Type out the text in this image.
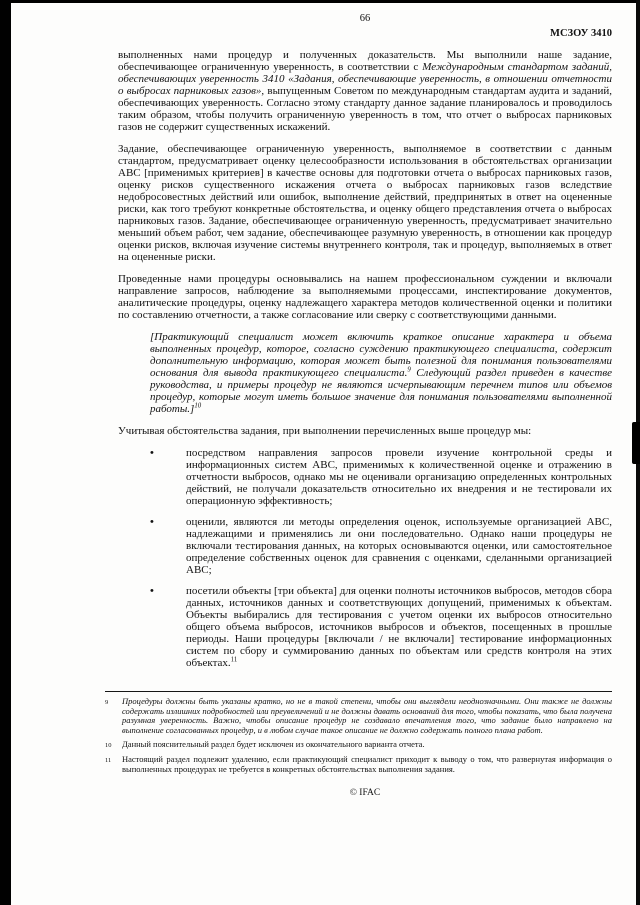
66
МСЗОУ 3410

выполненных нами процедур и полученных доказательств. Мы выполнили наше задание, обеспечивающее ограниченную уверенность, в соответствии с Международным стандартом заданий, обеспечивающих уверенность 3410 «Задания, обеспечивающие уверенность, в отношении отчетности о выбросах парниковых газов», выпущенным Советом по международным стандартам аудита и заданий, обеспечивающих уверенность. Согласно этому стандарту данное задание планировалось и проводилось таким образом, чтобы получить ограниченную уверенность в том, что отчет о выбросах парниковых газов не содержит существенных искажений.

Задание, обеспечивающее ограниченную уверенность, выполняемое в соответствии с данным стандартом, предусматривает оценку целесообразности использования в обстоятельствах организации АВС [применимых критериев] в качестве основы для подготовки отчета о выбросах парниковых газов, оценку рисков существенного искажения отчета о выбросах парниковых газов вследствие недобросовестных действий или ошибок, выполнение действий, предпринятых в ответ на оцененные риски, как того требуют конкретные обстоятельства, и оценку общего представления отчета о выбросах парниковых газов. Задание, обеспечивающее ограниченную уверенность, предусматривает значительно меньший объем работ, чем задание, обеспечивающее разумную уверенность, в отношении как процедур оценки рисков, включая изучение системы внутреннего контроля, так и процедур, выполняемых в ответ на оцененные риски.

Проведенные нами процедуры основывались на нашем профессиональном суждении и включали направление запросов, наблюдение за выполняемыми процессами, инспектирование документов, аналитические процедуры, оценку надлежащего характера методов количественной оценки и политики по составлению отчетности, а также согласование или сверку с соответствующими данными.

[Практикующий специалист может включить краткое описание характера и объема выполненных процедур, которое, согласно суждению практикующего специалиста, содержит дополнительную информацию, которая может быть полезной для понимания пользователями основания для вывода практикующего специалиста.$^9$ Следующий раздел приведен в качестве руководства, и примеры процедур не являются исчерпывающим перечнем типов или объемов процедур, которые могут иметь большое значение для понимания пользователями выполненной работы.]$^{10}$

Учитывая обстоятельства задания, при выполнении перечисленных выше процедур мы:

•	посредством направления запросов провели изучение контрольной среды и информационных систем АВС, применимых к количественной оценке и отражению в отчетности выбросов, однако мы не оценивали организацию определенных контрольных действий, не получали доказательств относительно их внедрения и не тестировали их операционную эффективность;
•	оценили, являются ли методы определения оценок, используемые организацией АВС, надлежащими и применялись ли они последовательно. Однако наши процедуры не включали тестирования данных, на которых основываются оценки, или самостоятельное определение собственных оценок для сравнения с оценками, сделанными организацией АВС;
•	посетили объекты [три объекта] для оценки полноты источников выбросов, методов сбора данных, источников данных и соответствующих допущений, применимых к объектам. Объекты выбирались для тестирования с учетом оценки их выбросов относительно общего объема выбросов, источников выбросов и объектов, посещенных в прошлые периоды. Наши процедуры [включали / не включали] тестирование информационных систем по сбору и суммированию данных по объектам или средств контроля на этих объектах.$^{11}$
9	Процедуры должны быть указаны кратко, но не в такой степени, чтобы они выглядели неоднозначными. Они также не должны содержать излишних подробностей или преувеличений и не должны давать оснований для того, чтобы показать, что была получена разумная уверенность. Важно, чтобы описание процедур не создавало впечатления того, что задание было направлено на выполнение согласованных процедур, и в любом случае такое описание не должно содержать полного плана работ.
10	Данный пояснительный раздел будет исключен из окончательного варианта отчета.
11	Настоящий раздел подлежит удалению, если практикующий специалист приходит к выводу о том, что развернутая информация о выполненных процедурах не требуется в конкретных обстоятельствах выполнения задания.
© IFAC
